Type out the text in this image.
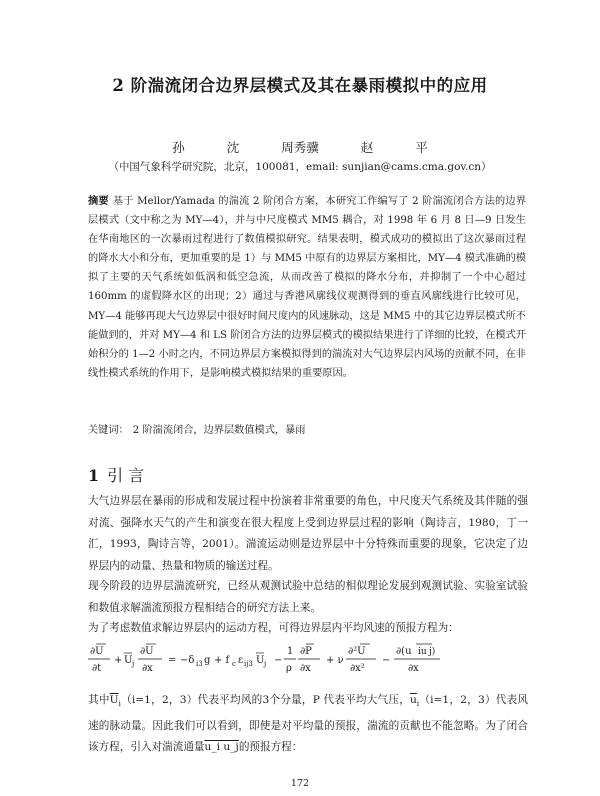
2 阶湍流闭合边界层模式及其在暴雨模拟中的应用
孙 沈 周秀骥 赵 平
（中国气象科学研究院，北京，100081，email: sunjian@cams.cma.gov.cn）

摘要 基于 Mellor/Yamada 的湍流 2 阶闭合方案，本研究工作编写了 2 阶湍流闭合方法的边界层模式（文中称之为 MY—4），并与中尺度模式 MM5 耦合，对 1998 年 6 月 8 日—9 日发生在华南地区的一次暴雨过程进行了数值模拟研究。结果表明，模式成功的模拟出了这次暴雨过程的降水大小和分布，更加重要的是 1）与 MM5 中原有的边界层方案相比，MY—4 模式准确的模拟了主要的天气系统如低涡和低空急流，从而改善了模拟的降水分布，并抑制了一个中心超过 160mm 的虚假降水区的出现；2）通过与香港风廓线仪观测得到的垂直风廓线进行比较可见，MY—4 能够再现大气边界层中很好时间尺度内的风速脉动，这是 MM5 中的其它边界层模式所不能做到的，并对 MY—4 和 LS 阶闭合方法的边界层模式的模拟结果进行了详细的比较，在模式开始积分的 1—2 小时之内，不同边界层方案模拟得到的湍流对大气边界层内风场的贡献不同，在非线性模式系统的作用下，是影响模式模拟结果的重要原因。

关键词： 2 阶湍流闭合，边界层数值模式，暴雨
1 引 言

大气边界层在暴雨的形成和发展过程中扮演着非常重要的角色，中尺度天气系统及其伴随的强对流、强降水天气的产生和演变在很大程度上受到边界层过程的影响（陶诗言，1980，丁一汇，1993，陶诗言等，2001）。湍流运动则是边界层中十分特殊而重要的现象，它决定了边界层内的动量、热量和物质的输送过程。

现今阶段的边界层湍流研究，已经从观测试验中总结的相似理论发展到观测试验、实验室试验和数值求解湍流预报方程相结合的研究方法上来。

为了考虑数值求解边界层内的运动方程，可得边界层内平均风速的预报方程为：

∂U
∂t
+ U j
∂U
∂x
= −δ i3 g + f c ε ij3 U j −
1
ρ
∂P
∂x
+ ν
∂²U
∂x²
−
∂(u iu j)
∂x

其中$\overline{U}_i(i=1$，2，3）代表平均风的3个分量，P 代表平均大气压，$\overline{u}_i(i=1$，2，3）代表风速的脉动量。因此我们可以看到，即使是对平均量的预报，湍流的贡献也不能忽略。为了闭合该方程，引入对湍流通量u_i u_j的预报方程：

172
